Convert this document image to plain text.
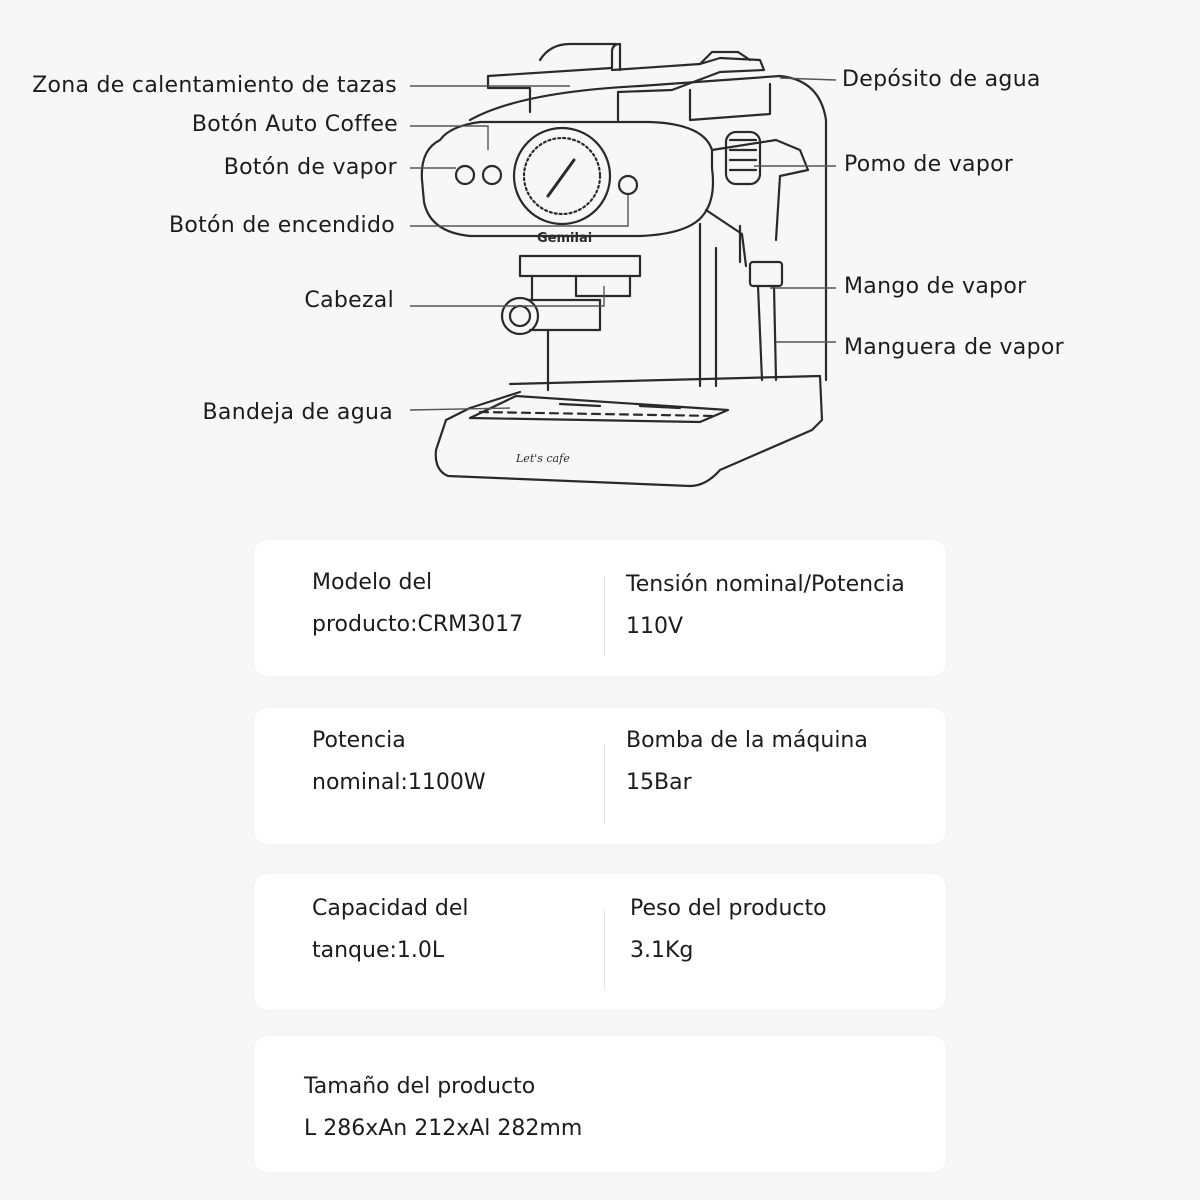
Gemilai
Let's cafe
Zona de calentamiento de tazas
Botón Auto Coffee
Botón de vapor
Botón de encendido
Cabezal
Bandeja de agua
Depósito de agua
Pomo de vapor
Mango de vapor
Manguera de vapor
Modelo del
producto:CRM3017
Tensión nominal/Potencia
110V
Potencia
nominal:1100W
Bomba de la máquina
15Bar
Capacidad del
tanque:1.0L
Peso del producto
3.1Kg
Tamaño del producto
L 286xAn 212xAl 282mm
